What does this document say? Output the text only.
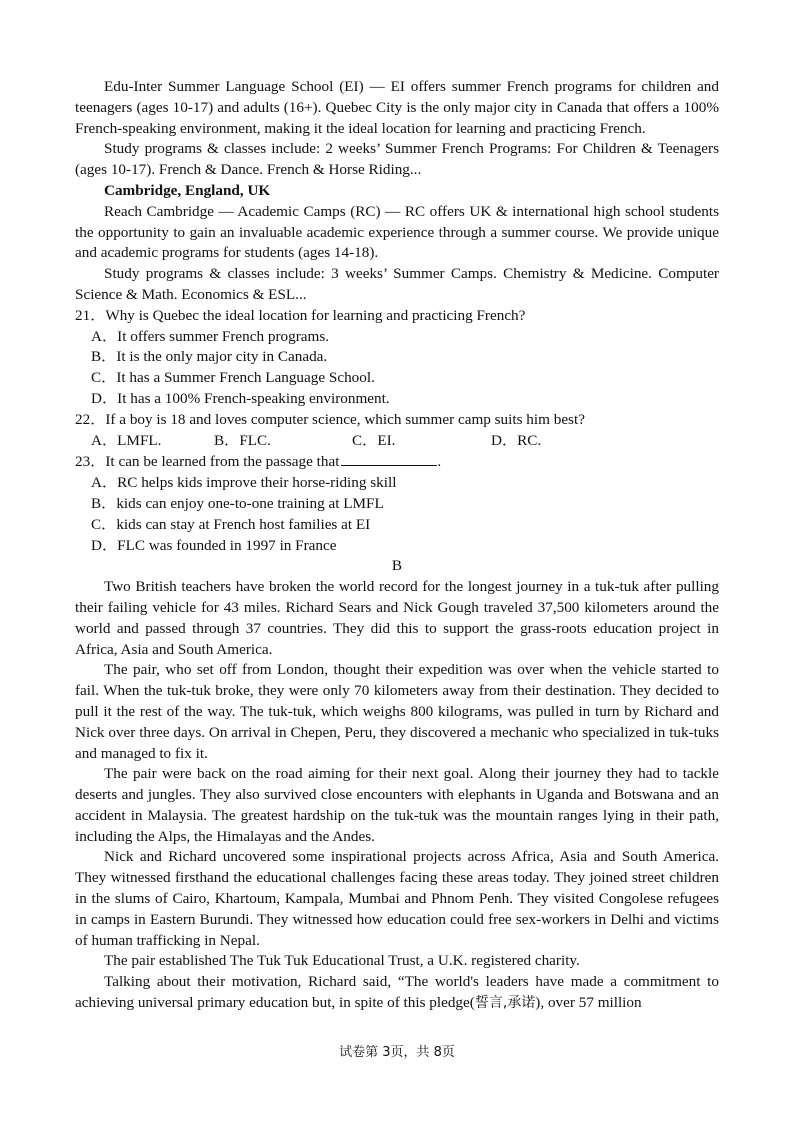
Edu-Inter Summer Language School (EI) — EI offers summer French programs for children and teenagers (ages 10-17) and adults (16+). Quebec City is the only major city in Canada that offers a 100% French-speaking environment, making it the ideal location for learning and practicing French.

Study programs & classes include: 2 weeks’ Summer French Programs: For Children & Teenagers (ages 10-17). French & Dance. French & Horse Riding...

Cambridge, England, UK

Reach Cambridge — Academic Camps (RC) — RC offers UK & international high school students the opportunity to gain an invaluable academic experience through a summer course. We provide unique and academic programs for students (ages 14-18).

Study programs & classes include: 3 weeks’ Summer Camps. Chemistry & Medicine. Computer Science & Math. Economics & ESL...

21．Why is Quebec the ideal location for learning and practicing French?

A．It offers summer French programs.

B．It is the only major city in Canada.

C．It has a Summer French Language School.

D．It has a 100% French-speaking environment.

22．If a boy is 18 and loves computer science, which summer camp suits him best?

A．LMFL.	B．FLC.	C．EI.	D．RC.

23．It can be learned from the passage that	.

A．RC helps kids improve their horse-riding skill

B．kids can enjoy one-to-one training at LMFL

C．kids can stay at French host families at EI

D．FLC was founded in 1997 in France

B

Two British teachers have broken the world record for the longest journey in a tuk-tuk after pulling their failing vehicle for 43 miles. Richard Sears and Nick Gough traveled 37,500 kilometers around the world and passed through 37 countries. They did this to support the grass-roots education project in Africa, Asia and South America.

The pair, who set off from London, thought their expedition was over when the vehicle started to fail. When the tuk-tuk broke, they were only 70 kilometers away from their destination. They decided to pull it the rest of the way. The tuk-tuk, which weighs 800 kilograms, was pulled in turn by Richard and Nick over three days. On arrival in Chepen, Peru, they discovered a mechanic who specialized in tuk-tuks and managed to fix it.

The pair were back on the road aiming for their next goal. Along their journey they had to tackle deserts and jungles. They also survived close encounters with elephants in Uganda and Botswana and an accident in Malaysia. The greatest hardship on the tuk-tuk was the mountain ranges lying in their path, including the Alps, the Himalayas and the Andes.

Nick and Richard uncovered some inspirational projects across Africa, Asia and South America. They witnessed firsthand the educational challenges facing these areas today. They joined street children in the slums of Cairo, Khartoum, Kampala, Mumbai and Phnom Penh. They visited Congolese refugees in camps in Eastern Burundi. They witnessed how education could free sex-workers in Delhi and victims of human trafficking in Nepal.

The pair established The Tuk Tuk Educational Trust, a U.K. registered charity.

Talking about their motivation, Richard said, “The world's leaders have made a commitment to achieving universal primary education but, in spite of this pledge(誓言,承诺), over 57 million

试卷第 3页，共 8页
